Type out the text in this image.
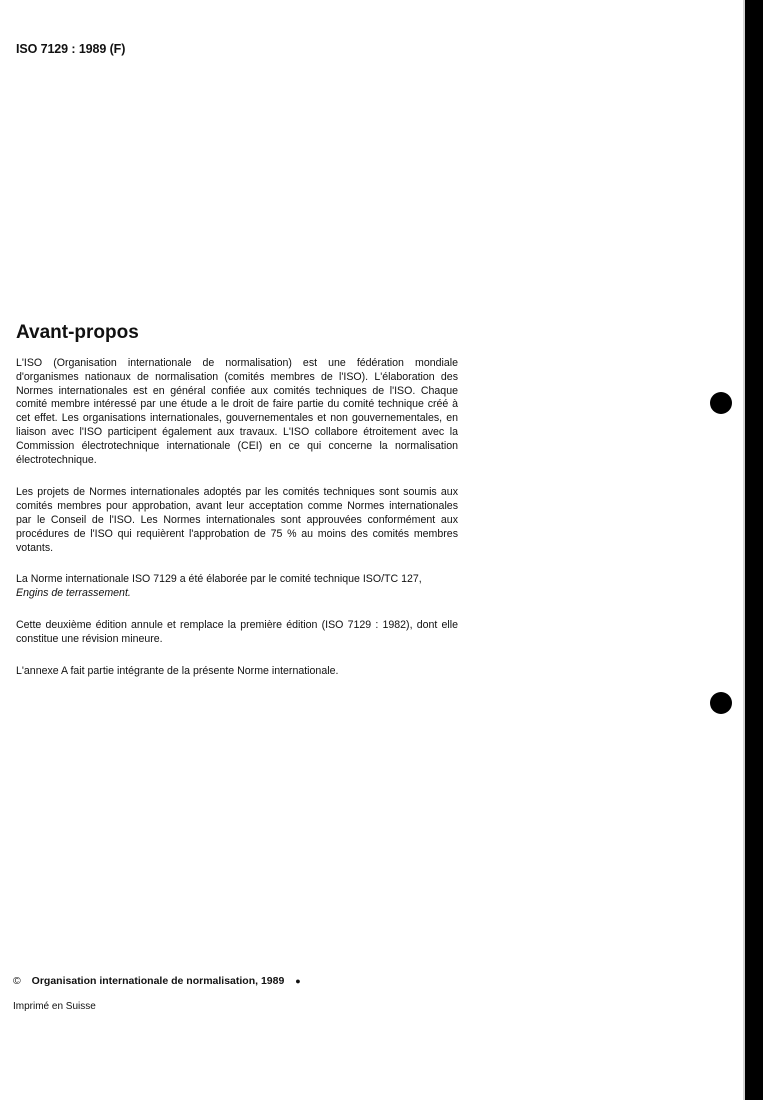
ISO 7129 : 1989 (F)
Avant-propos

L'ISO (Organisation internationale de normalisation) est une fédération mondiale d'organismes nationaux de normalisation (comités membres de l'ISO). L'élaboration des Normes internationales est en général confiée aux comités techniques de l'ISO. Chaque comité membre intéressé par une étude a le droit de faire partie du comité technique créé à cet effet. Les organisations internationales, gouvernementales et non gouvernementales, en liaison avec l'ISO participent également aux travaux. L'ISO collabore étroitement avec la Commission électrotechnique internationale (CEI) en ce qui concerne la normalisation électrotechnique.

Les projets de Normes internationales adoptés par les comités techniques sont soumis aux comités membres pour approbation, avant leur acceptation comme Normes internationales par le Conseil de l'ISO. Les Normes internationales sont approuvées conformément aux procédures de l'ISO qui requièrent l'approbation de 75 % au moins des comités membres votants.

La Norme internationale ISO 7129 a été élaborée par le comité technique ISO/TC 127,
Engins de terrassement.

Cette deuxième édition annule et remplace la première édition (ISO 7129 : 1982), dont elle constitue une révision mineure.

L'annexe A fait partie intégrante de la présente Norme internationale.

© Organisation internationale de normalisation, 1989 ●
Imprimé en Suisse
